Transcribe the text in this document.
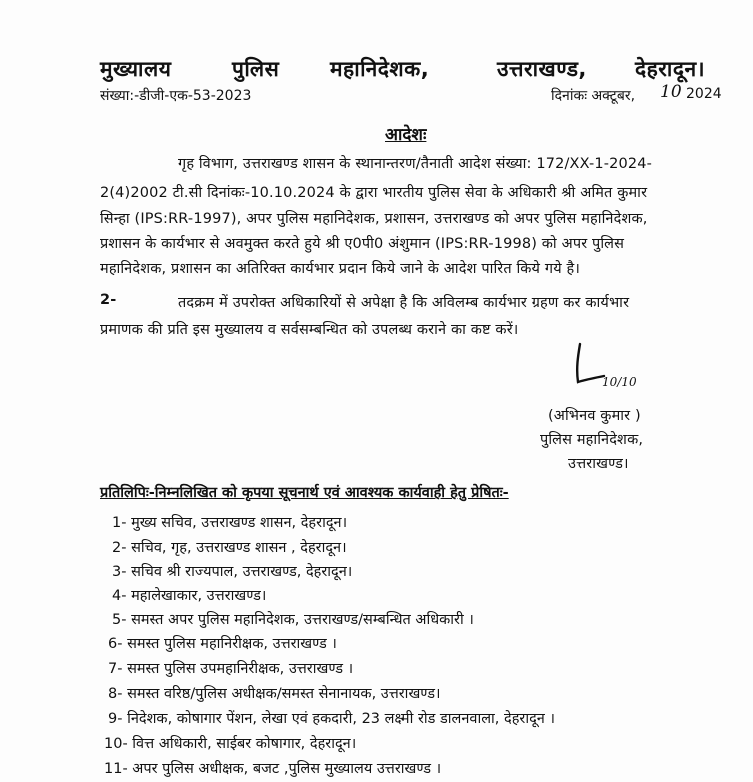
मुख्यालय	पुलिस महानिदेशक,	उत्तराखण्ड, देहरादून।
संख्या:-डीजी-एक-53-2023	दिनांकः अक्टूबर, 10 2024
आदेशः
गृह विभाग, उत्तराखण्ड शासन के स्थानान्तरण/तैनाती आदेश संख्या: 172/XX-1-2024-
2(4)2002 टी.सी दिनांकः-10.10.2024 के द्वारा भारतीय पुलिस सेवा के अधिकारी श्री अमित कुमार
सिन्हा (IPS:RR-1997), अपर पुलिस महानिदेशक, प्रशासन, उत्तराखण्ड को अपर पुलिस महानिदेशक,
प्रशासन के कार्यभार से अवमुक्त करते हुये श्री ए0पी0 अंशुमान (IPS:RR-1998) को अपर पुलिस
महानिदेशक, प्रशासन का अतिरिक्त कार्यभार प्रदान किये जाने के आदेश पारित किये गये है।
2-	तदक्रम में उपरोक्त अधिकारियों से अपेक्षा है कि अविलम्ब कार्यभार ग्रहण कर कार्यभार
प्रमाणक की प्रति इस मुख्यालय व सर्वसम्बन्धित को उपलब्ध कराने का कष्ट करें।
10/10
(अभिनव कुमार )
पुलिस महानिदेशक,
उत्तराखण्ड।
प्रतिलिपिः-निम्नलिखित को कृपया सूचनार्थ एवं आवश्यक कार्यवाही हेतु प्रेषितः-
1- मुख्य सचिव, उत्तराखण्ड शासन, देहरादून।
2- सचिव, गृह, उत्तराखण्ड शासन , देहरादून।
3- सचिव श्री राज्यपाल, उत्तराखण्ड, देहरादून।
4- महालेखाकार, उत्तराखण्ड।
5- समस्त अपर पुलिस महानिदेशक, उत्तराखण्ड/सम्बन्धित अधिकारी ।
6- समस्त पुलिस महानिरीक्षक, उत्तराखण्ड ।
7- समस्त पुलिस उपमहानिरीक्षक, उत्तराखण्ड ।
8- समस्त वरिष्ठ/पुलिस अधीक्षक/समस्त सेनानायक, उत्तराखण्ड।
9- निदेशक, कोषागार पेंशन, लेखा एवं हकदारी, 23 लक्ष्मी रोड डालनवाला, देहरादून ।
10- वित्त अधिकारी, साईबर कोषागार, देहरादून।
11- अपर पुलिस अधीक्षक, बजट ,पुलिस मुख्यालय उत्तराखण्ड ।
